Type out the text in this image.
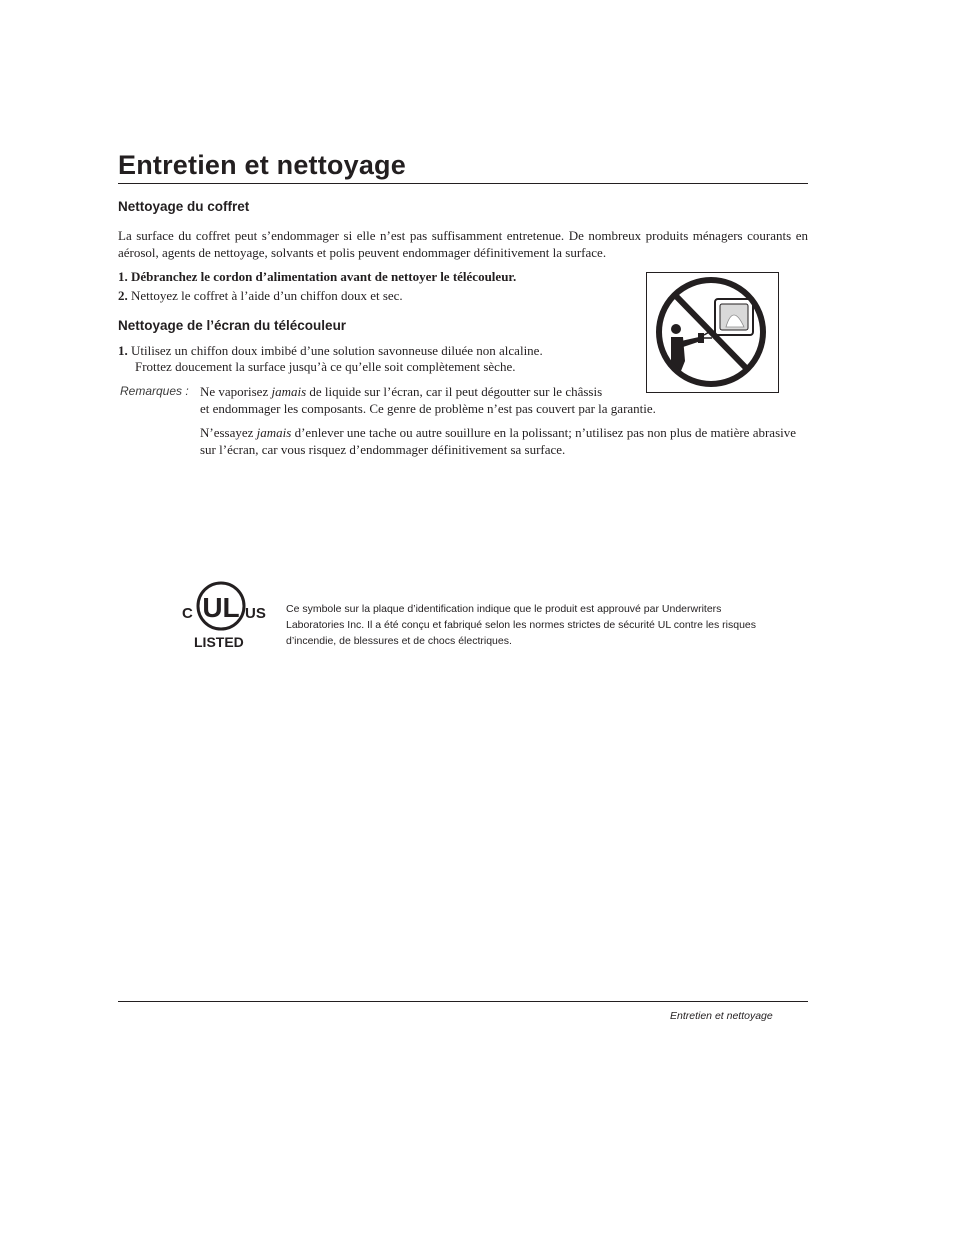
Entretien et nettoyage
Nettoyage du coffret
La surface du coffret peut s’endommager si elle n’est pas suffisamment entretenue. De nombreux produits ménagers courants en aérosol, agents de nettoyage, solvants et polis peuvent endommager définitivement la surface.
1. Débranchez le cordon d’alimentation avant de nettoyer le télécouleur.
2. Nettoyez le coffret à l’aide d’un chiffon doux et sec.
Nettoyage de l’écran du télécouleur
1. Utilisez un chiffon doux imbibé d’une solution savonneuse diluée non alcaline.
Frottez doucement la surface jusqu’à ce qu’elle soit complètement sèche.
Remarques : Ne vaporisez jamais de liquide sur l’écran, car il peut dégoutter sur le châssis
et endommager les composants. Ce genre de problème n’est pas couvert par la garantie.
N’essayez jamais d’enlever une tache ou autre souillure en la polissant; n’utilisez pas non plus de matière abrasive sur l’écran, car vous risquez d’endommager définitivement sa surface.
UL
C	US
LISTED
Ce symbole sur la plaque d’identification indique que le produit est approuvé par Underwriters Laboratories Inc. Il a été conçu et fabriqué selon les normes strictes de sécurité UL contre les risques d’incendie, de blessures et de chocs électriques.
Entretien et nettoyage
